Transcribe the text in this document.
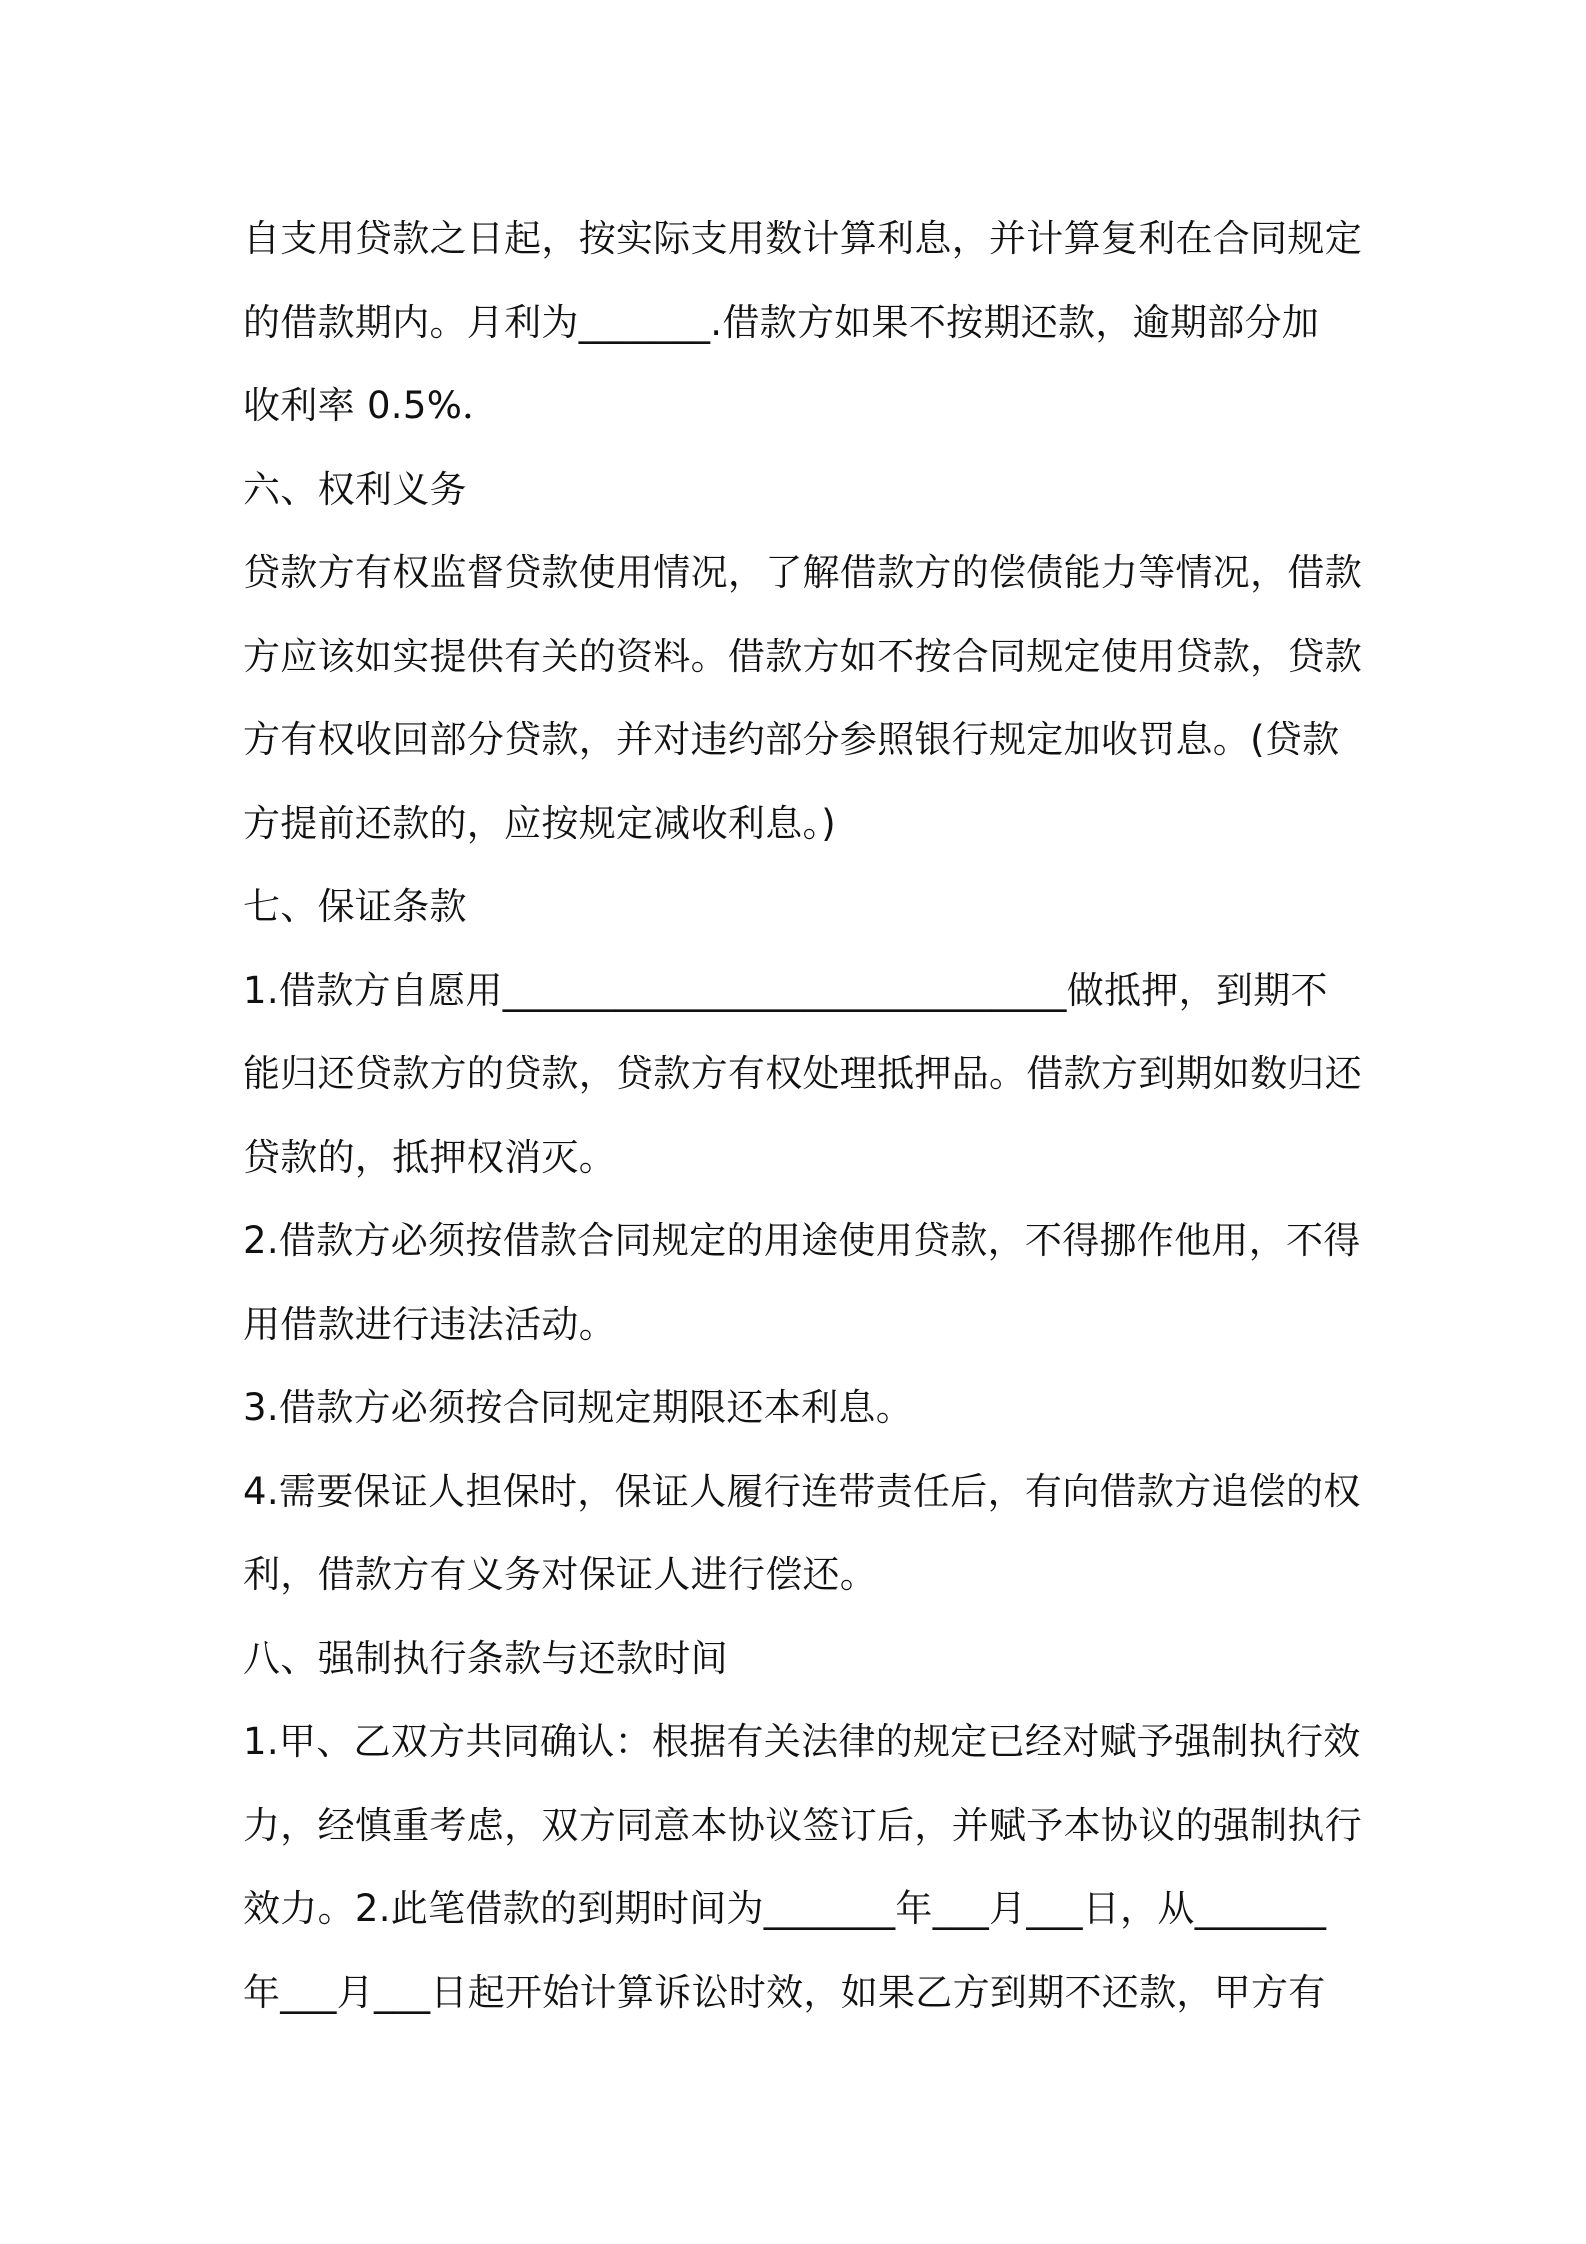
自支用贷款之日起，按实际支用数计算利息，并计算复利在合同规定
的借款期内。月利为_______.借款方如果不按期还款，逾期部分加
收利率 0.5%．
六、权利义务
贷款方有权监督贷款使用情况，了解借款方的偿债能力等情况，借款
方应该如实提供有关的资料。借款方如不按合同规定使用贷款，贷款
方有权收回部分贷款，并对违约部分参照银行规定加收罚息。(贷款
方提前还款的，应按规定减收利息。)
七、保证条款
1.借款方自愿用______________________________做抵押，到期不
能归还贷款方的贷款，贷款方有权处理抵押品。借款方到期如数归还
贷款的，抵押权消灭。
2.借款方必须按借款合同规定的用途使用贷款，不得挪作他用，不得
用借款进行违法活动。
3.借款方必须按合同规定期限还本利息。
4.需要保证人担保时，保证人履行连带责任后，有向借款方追偿的权
利，借款方有义务对保证人进行偿还。
八、强制执行条款与还款时间
1.甲、乙双方共同确认：根据有关法律的规定已经对赋予强制执行效
力，经慎重考虑，双方同意本协议签订后，并赋予本协议的强制执行
效力。2.此笔借款的到期时间为_______年___月___日，从_______
年___月___日起开始计算诉讼时效，如果乙方到期不还款，甲方有
